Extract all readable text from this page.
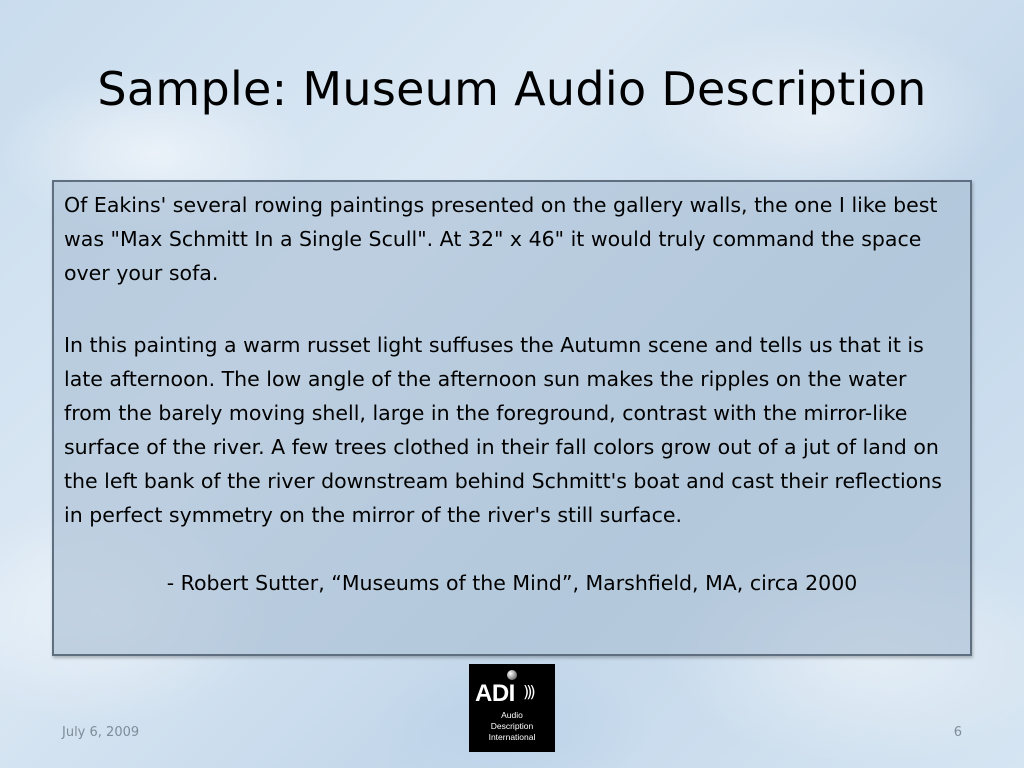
Sample: Museum Audio Description

Of Eakins' several rowing paintings presented on the gallery walls, the one I like best was "Max Schmitt In a Single Scull". At 32" x 46" it would truly command the space over your sofa.

In this painting a warm russet light suffuses the Autumn scene and tells us that it is late afternoon. The low angle of the afternoon sun makes the ripples on the water from the barely moving shell, large in the foreground, contrast with the mirror-like surface of the river. A few trees clothed in their fall colors grow out of a jut of land on the left bank of the river downstream behind Schmitt's boat and cast their reflections in perfect symmetry on the mirror of the river's still surface.

- Robert Sutter, “Museums of the Mind”, Marshfield, MA, circa 2000

ADI )))
Audio
Description
International
July 6, 2009	6
